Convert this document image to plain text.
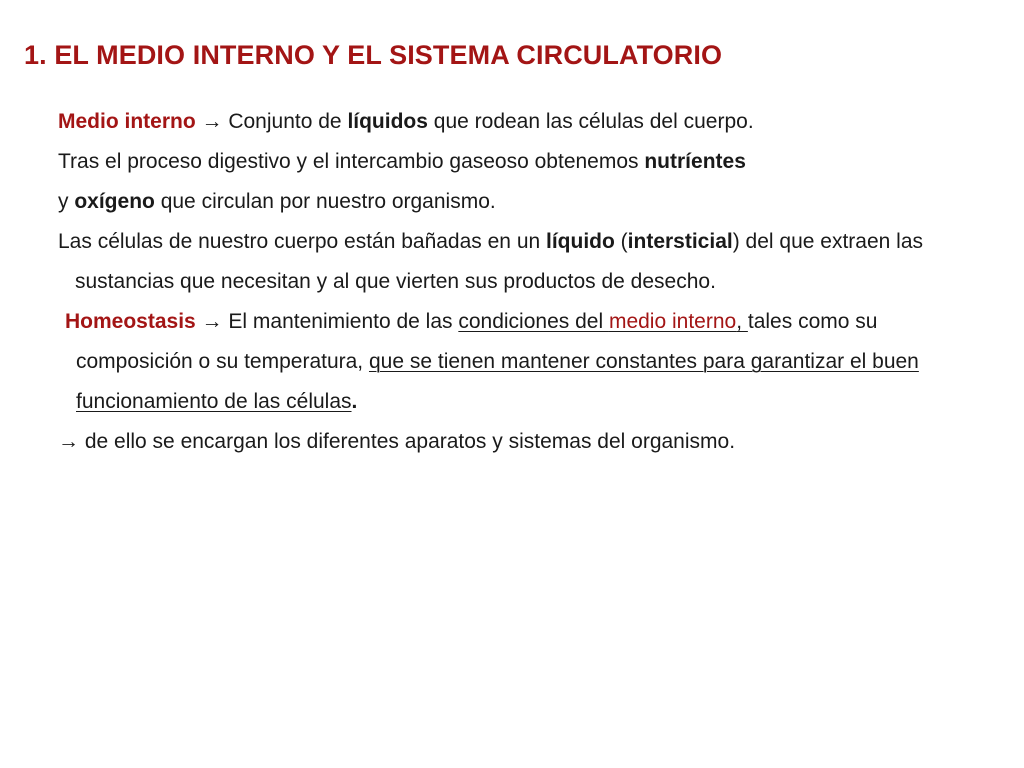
1. EL MEDIO INTERNO Y EL SISTEMA CIRCULATORIO

Medio interno → Conjunto de líquidos que rodean las células del cuerpo.

Tras el proceso digestivo y el intercambio gaseoso obtenemos nutríentes

y oxígeno que circulan por nuestro organismo.

Las células de nuestro cuerpo están bañadas en un líquido (intersticial) del que extraen las sustancias que necesitan y al que vierten sus productos de desecho.

Homeostasis → El mantenimiento de las condiciones del medio interno, tales como su composición o su temperatura, que se tienen mantener constantes para garantizar el buen funcionamiento de las células.

→ de ello se encargan los diferentes aparatos y sistemas del organismo.
